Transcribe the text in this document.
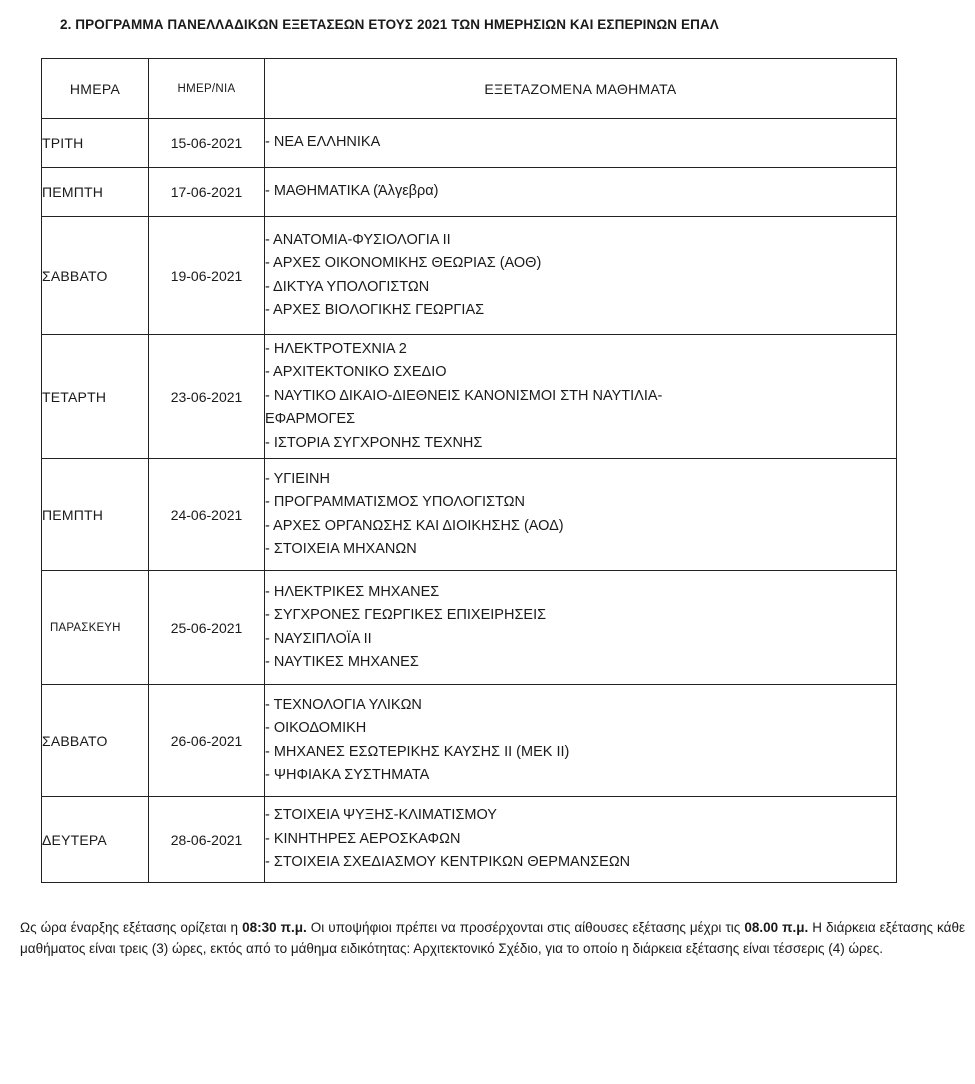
2. ΠΡΟΓΡΑΜΜΑ ΠΑΝΕΛΛΑΔΙΚΩΝ ΕΞΕΤΑΣΕΩΝ ΕΤΟΥΣ 2021 ΤΩΝ ΗΜΕΡΗΣΙΩΝ ΚΑΙ ΕΣΠΕΡΙΝΩΝ ΕΠΑΛ
ΗΜΕΡΑ	ΗΜΕΡ/ΝΙΑ	ΕΞΕΤΑΖΟΜΕΝΑ ΜΑΘΗΜΑΤΑ
ΤΡΙΤΗ	15-06-2021	- ΝΕΑ ΕΛΛΗΝΙΚΑ

ΠΕΜΠΤΗ	17-06-2021	- ΜΑΘΗΜΑΤΙΚΑ (Άλγεβρα)

ΣΑΒΒΑΤΟ	19-06-2021	- ΑΝΑΤΟΜΙΑ-ΦΥΣΙΟΛΟΓΙΑ ΙΙ
- ΑΡΧΕΣ ΟΙΚΟΝΟΜΙΚΗΣ ΘΕΩΡΙΑΣ (ΑΟΘ)
- ΔΙΚΤΥΑ ΥΠΟΛΟΓΙΣΤΩΝ
- ΑΡΧΕΣ ΒΙΟΛΟΓΙΚΗΣ ΓΕΩΡΓΙΑΣ

ΤΕΤΑΡΤΗ	23-06-2021	- ΗΛΕΚΤΡΟΤΕΧΝΙΑ 2
- ΑΡΧΙΤΕΚΤΟΝΙΚΟ ΣΧΕΔΙΟ
- ΝΑΥΤΙΚΟ ΔΙΚΑΙΟ-ΔΙΕΘΝΕΙΣ ΚΑΝΟΝΙΣΜΟΙ ΣΤΗ ΝΑΥΤΙΛΙΑ-
ΕΦΑΡΜΟΓΕΣ
- ΙΣΤΟΡΙΑ ΣΥΓΧΡΟΝΗΣ ΤΕΧΝΗΣ

ΠΕΜΠΤΗ	24-06-2021	- ΥΓΙΕΙΝΗ
- ΠΡΟΓΡΑΜΜΑΤΙΣΜΟΣ ΥΠΟΛΟΓΙΣΤΩΝ
- ΑΡΧΕΣ ΟΡΓΑΝΩΣΗΣ ΚΑΙ ΔΙΟΙΚΗΣΗΣ (ΑΟΔ)
- ΣΤΟΙΧΕΙΑ ΜΗΧΑΝΩΝ

ΠΑΡΑΣΚΕΥΗ	25-06-2021	- ΗΛΕΚΤΡΙΚΕΣ ΜΗΧΑΝΕΣ
- ΣΥΓΧΡΟΝΕΣ ΓΕΩΡΓΙΚΕΣ ΕΠΙΧΕΙΡΗΣΕΙΣ
- ΝΑΥΣΙΠΛΟΪΑ ΙΙ
- ΝΑΥΤΙΚΕΣ ΜΗΧΑΝΕΣ

ΣΑΒΒΑΤΟ	26-06-2021	- ΤΕΧΝΟΛΟΓΙΑ ΥΛΙΚΩΝ
- ΟΙΚΟΔΟΜΙΚΗ
- ΜΗΧΑΝΕΣ ΕΣΩΤΕΡΙΚΗΣ ΚΑΥΣΗΣ ΙΙ (ΜΕΚ ΙΙ)
- ΨΗΦΙΑΚΑ ΣΥΣΤΗΜΑΤΑ

ΔΕΥΤΕΡΑ	28-06-2021	- ΣΤΟΙΧΕΙΑ ΨΥΞΗΣ-ΚΛΙΜΑΤΙΣΜΟΥ
- ΚΙΝΗΤΗΡΕΣ ΑΕΡΟΣΚΑΦΩΝ
- ΣΤΟΙΧΕΙΑ ΣΧΕΔΙΑΣΜΟΥ ΚΕΝΤΡΙΚΩΝ ΘΕΡΜΑΝΣΕΩΝ
Ως ώρα έναρξης εξέτασης ορίζεται η 08:30 π.μ. Οι υποψήφιοι πρέπει να προσέρχονται στις αίθουσες εξέτασης μέχρι τις 08.00 π.μ. Η διάρκεια εξέτασης κάθε μαθήματος είναι τρεις (3) ώρες, εκτός από το μάθημα ειδικότητας: Αρχιτεκτονικό Σχέδιο, για το οποίο η διάρκεια εξέτασης είναι τέσσερις (4) ώρες.
